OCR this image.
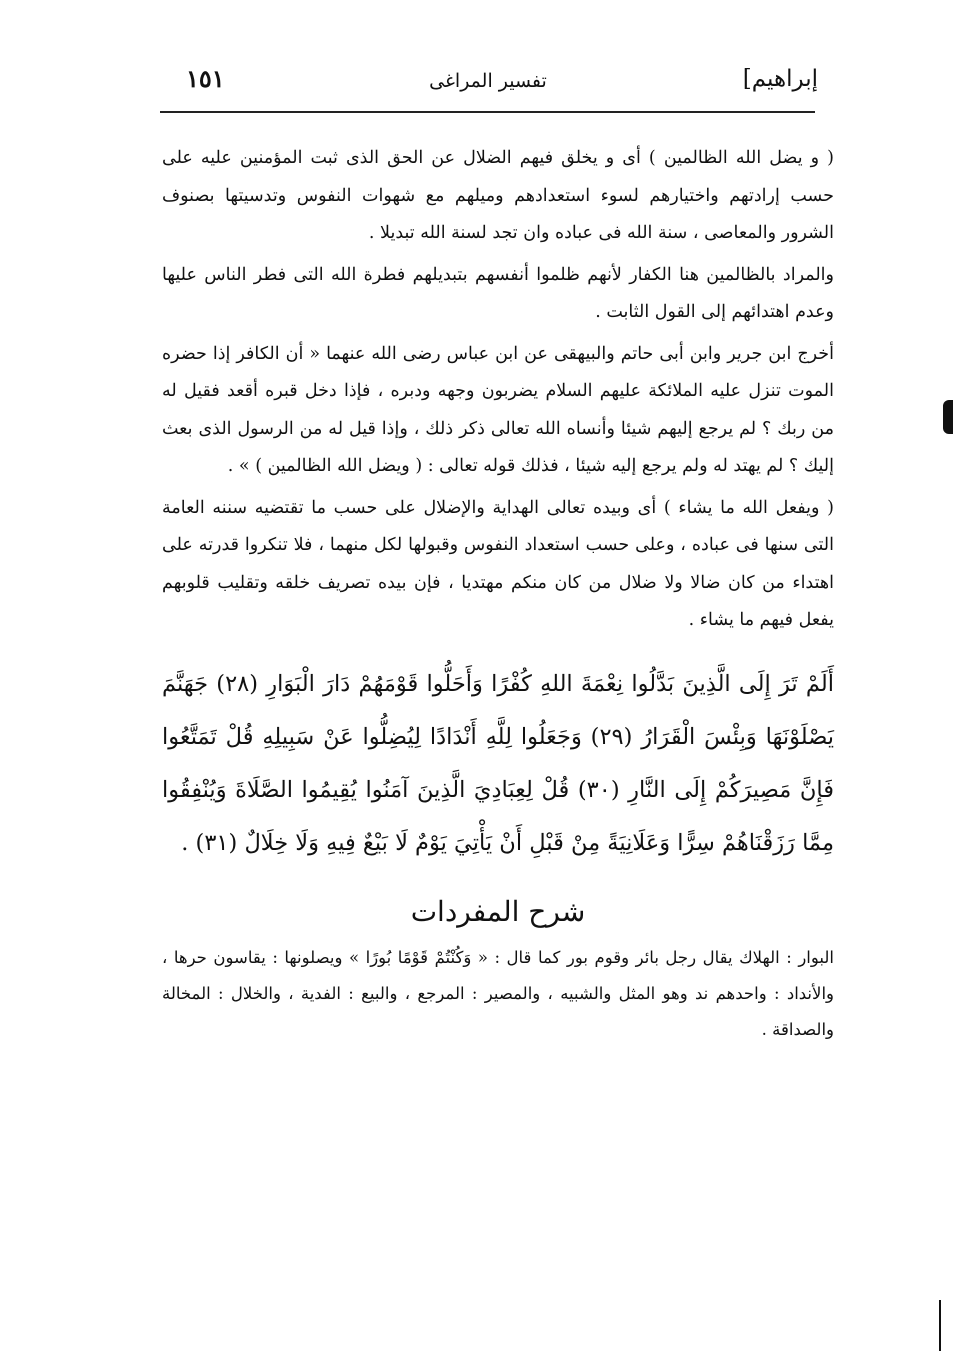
إبراهيم]
تفسير المراغى
١٥١

( و يضل الله الظالمين ) أى و يخلق فيهم الضلال عن الحق الذى ثبت المؤمنين عليه على حسب إرادتهم واختيارهم لسوء استعدادهم وميلهم مع شهوات النفوس وتدسيتها بصنوف الشرور والمعاصى ، سنة الله فى عباده وان تجد لسنة الله تبديلا .

والمراد بالظالمين هنا الكفار لأنهم ظلموا أنفسهم بتبديلهم فطرة الله التى فطر الناس عليها وعدم اهتدائهم إلى القول الثابت .

أخرج ابن جرير وابن أبى حاتم والبيهقى عن ابن عباس رضى الله عنهما « أن الكافر إذا حضره الموت تنزل عليه الملائكة عليهم السلام يضربون وجهه ودبره ، فإذا دخل قبره أقعد فقيل له من ربك ؟ لم يرجع إليهم شيئا وأنساه الله تعالى ذكر ذلك ، وإذا قيل له من الرسول الذى بعث إليك ؟ لم يهتد له ولم يرجع إليه شيئا ، فذلك قوله تعالى : ( ويضل الله الظالمين ) » .

( ويفعل الله ما يشاء ) أى وبيده تعالى الهداية والإضلال على حسب ما تقتضيه سننه العامة التى سنها فى عباده ، وعلى حسب استعداد النفوس وقبولها لكل منهما ، فلا تنكروا قدرته على اهتداء من كان ضالا ولا ضلال من كان منكم مهتديا ، فإن بيده تصريف خلقه وتقليب قلوبهم يفعل فيهم ما يشاء .

أَلَمْ تَرَ إِلَى الَّذِينَ بَدَّلُوا نِعْمَةَ اللهِ كُفْرًا وَأَحَلُّوا قَوْمَهُمْ دَارَ الْبَوَارِ (٢٨) جَهَنَّمَ يَصْلَوْنَهَا وَبِئْسَ الْقَرَارُ (٢٩) وَجَعَلُوا لِلَّهِ أَنْدَادًا لِيُضِلُّوا عَنْ سَبِيلِهِ قُلْ تَمَتَّعُوا فَإِنَّ مَصِيرَكُمْ إِلَى النَّارِ (٣٠) قُلْ لِعِبَادِيَ الَّذِينَ آمَنُوا يُقِيمُوا الصَّلَاةَ وَيُنْفِقُوا مِمَّا رَزَقْنَاهُمْ سِرًّا وَعَلَانِيَةً مِنْ قَبْلِ أَنْ يَأْتِيَ يَوْمٌ لَا بَيْعٌ فِيهِ وَلَا خِلَالٌ (٣١) .

شرح المفردات

البوار : الهلاك يقال رجل بائر وقوم بور كما قال : « وَكُنْتُمْ قَوْمًا بُورًا » ويصلونها : يقاسون حرها ، والأنداد : واحدهم ند وهو المثل والشبيه ، والمصير : المرجع ، والبيع : الفدية ، والخلال : المخالة والصداقة .
